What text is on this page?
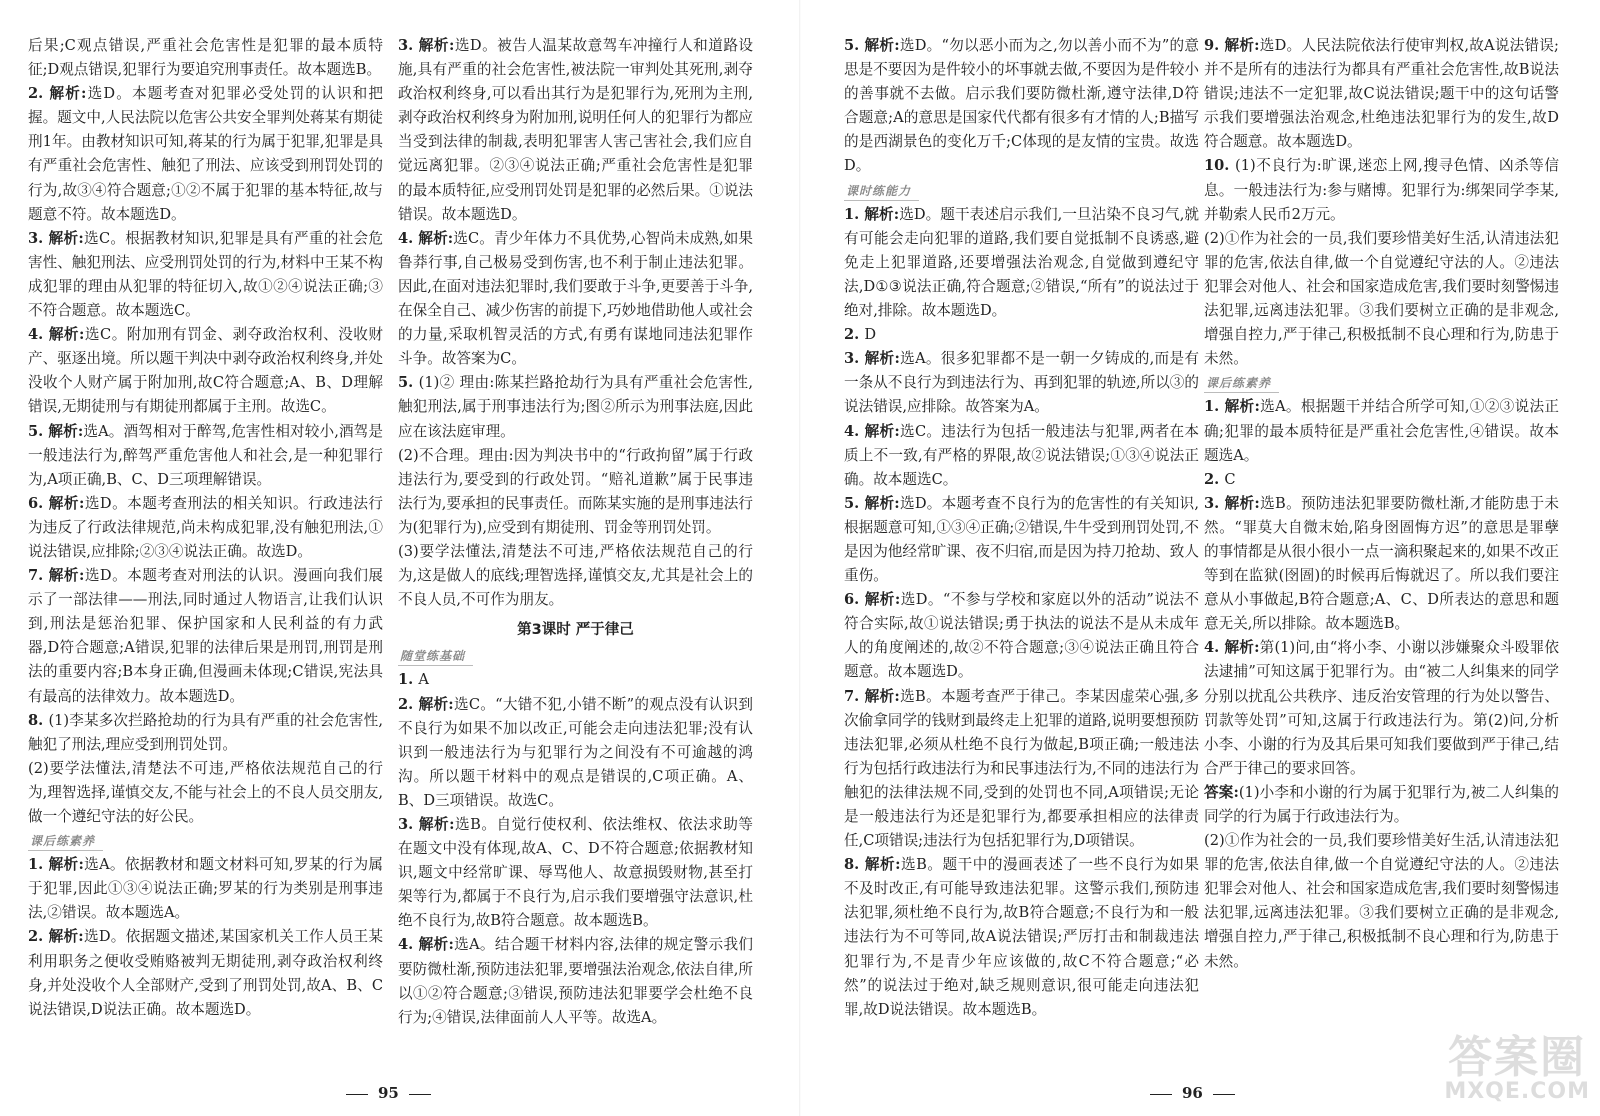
后果;C观点错误,严重社会危害性是犯罪的最本质特征;D观点错误,犯罪行为要追究刑事责任。故本题选B。

2. 解析:选D。本题考查对犯罪必受处罚的认识和把握。题文中,人民法院以危害公共安全罪判处蒋某有期徒刑1年。由教材知识可知,蒋某的行为属于犯罪,犯罪是具有严重社会危害性、触犯了刑法、应该受到刑罚处罚的行为,故③④符合题意;①②不属于犯罪的基本特征,故与题意不符。故本题选D。

3. 解析:选C。根据教材知识,犯罪是具有严重的社会危害性、触犯刑法、应受刑罚处罚的行为,材料中王某不构成犯罪的理由从犯罪的特征切入,故①②④说法正确;③不符合题意。故本题选C。

4. 解析:选C。附加刑有罚金、剥夺政治权利、没收财产、驱逐出境。所以题干判决中剥夺政治权利终身,并处没收个人财产属于附加刑,故C符合题意;A、B、D理解错误,无期徒刑与有期徒刑都属于主刑。故选C。

5. 解析:选A。酒驾相对于醉驾,危害性相对较小,酒驾是一般违法行为,醉驾严重危害他人和社会,是一种犯罪行为,A项正确,B、C、D三项理解错误。

6. 解析:选D。本题考查刑法的相关知识。行政违法行为违反了行政法律规范,尚未构成犯罪,没有触犯刑法,①说法错误,应排除;②③④说法正确。故选D。

7. 解析:选D。本题考查对刑法的认识。漫画向我们展示了一部法律——刑法,同时通过人物语言,让我们认识到,刑法是惩治犯罪、保护国家和人民利益的有力武器,D符合题意;A错误,犯罪的法律后果是刑罚,刑罚是刑法的重要内容;B本身正确,但漫画未体现;C错误,宪法具有最高的法律效力。故本题选D。

8. (1)李某多次拦路抢劫的行为具有严重的社会危害性,触犯了刑法,理应受到刑罚处罚。

(2)要学法懂法,清楚法不可违,严格依法规范自己的行为,理智选择,谨慎交友,不能与社会上的不良人员交朋友,做一个遵纪守法的好公民。

课后练素养

1. 解析:选A。依据教材和题文材料可知,罗某的行为属于犯罪,因此①③④说法正确;罗某的行为类别是刑事违法,②错误。故本题选A。

2. 解析:选D。依据题文描述,某国家机关工作人员王某利用职务之便收受贿赂被判无期徒刑,剥夺政治权利终身,并处没收个人全部财产,受到了刑罚处罚,故A、B、C说法错误,D说法正确。故本题选D。

3. 解析:选D。被告人温某故意驾车冲撞行人和道路设施,具有严重的社会危害性,被法院一审判处其死刑,剥夺政治权利终身,可以看出其行为是犯罪行为,死刑为主刑,剥夺政治权利终身为附加刑,说明任何人的犯罪行为都应当受到法律的制裁,表明犯罪害人害己害社会,我们应自觉远离犯罪。②③④说法正确;严重社会危害性是犯罪的最本质特征,应受刑罚处罚是犯罪的必然后果。①说法错误。故本题选D。

4. 解析:选C。青少年体力不具优势,心智尚未成熟,如果鲁莽行事,自己极易受到伤害,也不利于制止违法犯罪。因此,在面对违法犯罪时,我们要敢于斗争,更要善于斗争,在保全自己、减少伤害的前提下,巧妙地借助他人或社会的力量,采取机智灵活的方式,有勇有谋地同违法犯罪作斗争。故答案为C。

5. (1)② 理由:陈某拦路抢劫行为具有严重社会危害性,触犯刑法,属于刑事违法行为;图②所示为刑事法庭,因此应在该法庭审理。

(2)不合理。理由:因为判决书中的“行政拘留”属于行政违法行为,要受到的行政处罚。“赔礼道歉”属于民事违法行为,要承担的民事责任。而陈某实施的是刑事违法行为(犯罪行为),应受到有期徒刑、罚金等刑罚处罚。

(3)要学法懂法,清楚法不可违,严格依法规范自己的行为,这是做人的底线;理智选择,谨慎交友,尤其是社会上的不良人员,不可作为朋友。

第3课时 严于律己
随堂练基础

1. A

2. 解析:选C。“大错不犯,小错不断”的观点没有认识到不良行为如果不加以改正,可能会走向违法犯罪;没有认识到一般违法行为与犯罪行为之间没有不可逾越的鸿沟。所以题干材料中的观点是错误的,C项正确。A、B、D三项错误。故选C。

3. 解析:选B。自觉行使权利、依法维权、依法求助等在题文中没有体现,故A、C、D不符合题意;依据教材知识,题文中经常旷课、辱骂他人、故意损毁财物,甚至打架等行为,都属于不良行为,启示我们要增强守法意识,杜绝不良行为,故B符合题意。故本题选B。

4. 解析:选A。结合题干材料内容,法律的规定警示我们要防微杜渐,预防违法犯罪,要增强法治观念,依法自律,所以①②符合题意;③错误,预防违法犯罪要学会杜绝不良行为;④错误,法律面前人人平等。故选A。

95

5. 解析:选D。“勿以恶小而为之,勿以善小而不为”的意思是不要因为是件较小的坏事就去做,不要因为是件较小的善事就不去做。启示我们要防微杜渐,遵守法律,D符合题意;A的意思是国家代代都有很多有才情的人;B描写的是西湖景色的变化万千;C体现的是友情的宝贵。故选D。

课时练能力

1. 解析:选D。题干表述启示我们,一旦沾染不良习气,就有可能会走向犯罪的道路,我们要自觉抵制不良诱惑,避免走上犯罪道路,还要增强法治观念,自觉做到遵纪守法,D①③说法正确,符合题意;②错误,“所有”的说法过于绝对,排除。故本题选D。

2. D

3. 解析:选A。很多犯罪都不是一朝一夕铸成的,而是有一条从不良行为到违法行为、再到犯罪的轨迹,所以③的说法错误,应排除。故答案为A。

4. 解析:选C。违法行为包括一般违法与犯罪,两者在本质上不一致,有严格的界限,故②说法错误;①③④说法正确。故本题选C。

5. 解析:选D。本题考查不良行为的危害性的有关知识,根据题意可知,①③④正确;②错误,牛牛受到刑罚处罚,不是因为他经常旷课、夜不归宿,而是因为持刀抢劫、致人重伤。

6. 解析:选D。“不参与学校和家庭以外的活动”说法不符合实际,故①说法错误;勇于执法的说法不是从未成年人的角度阐述的,故②不符合题意;③④说法正确且符合题意。故本题选D。

7. 解析:选B。本题考查严于律己。李某因虚荣心强,多次偷拿同学的钱财到最终走上犯罪的道路,说明要想预防违法犯罪,必须从杜绝不良行为做起,B项正确;一般违法行为包括行政违法行为和民事违法行为,不同的违法行为触犯的法律法规不同,受到的处罚也不同,A项错误;无论是一般违法行为还是犯罪行为,都要承担相应的法律责任,C项错误;违法行为包括犯罪行为,D项错误。

8. 解析:选B。题干中的漫画表述了一些不良行为如果不及时改正,有可能导致违法犯罪。这警示我们,预防违法犯罪,须杜绝不良行为,故B符合题意;不良行为和一般违法行为不可等同,故A说法错误;严厉打击和制裁违法犯罪行为,不是青少年应该做的,故C不符合题意;“必然”的说法过于绝对,缺乏规则意识,很可能走向违法犯罪,故D说法错误。故本题选B。

9. 解析:选D。人民法院依法行使审判权,故A说法错误;并不是所有的违法行为都具有严重社会危害性,故B说法错误;违法不一定犯罪,故C说法错误;题干中的这句话警示我们要增强法治观念,杜绝违法犯罪行为的发生,故D符合题意。故本题选D。

10. (1)不良行为:旷课,迷恋上网,搜寻色情、凶杀等信息。一般违法行为:参与赌博。犯罪行为:绑架同学李某,并勒索人民币2万元。

(2)①作为社会的一员,我们要珍惜美好生活,认清违法犯罪的危害,依法自律,做一个自觉遵纪守法的人。②违法犯罪会对他人、社会和国家造成危害,我们要时刻警惕违法犯罪,远离违法犯罪。③我们要树立正确的是非观念,增强自控力,严于律己,积极抵制不良心理和行为,防患于未然。

课后练素养

1. 解析:选A。根据题干并结合所学可知,①②③说法正确;犯罪的最本质特征是严重社会危害性,④错误。故本题选A。

2. C

3. 解析:选B。预防违法犯罪要防微杜渐,才能防患于未然。“罪莫大自微末始,陷身囹圄悔方迟”的意思是罪孽的事情都是从很小很小一点一滴积聚起来的,如果不改正等到在监狱(囹圄)的时候再后悔就迟了。所以我们要注意从小事做起,B符合题意;A、C、D所表达的意思和题意无关,所以排除。故本题选B。

4. 解析:第(1)问,由“将小李、小谢以涉嫌聚众斗殴罪依法逮捕”可知这属于犯罪行为。由“被二人纠集来的同学分别以扰乱公共秩序、违反治安管理的行为处以警告、罚款等处罚”可知,这属于行政违法行为。第(2)问,分析小李、小谢的行为及其后果可知我们要做到严于律己,结合严于律己的要求回答。

答案:(1)小李和小谢的行为属于犯罪行为,被二人纠集的同学的行为属于行政违法行为。

(2)①作为社会的一员,我们要珍惜美好生活,认清违法犯罪的危害,依法自律,做一个自觉遵纪守法的人。②违法犯罪会对他人、社会和国家造成危害,我们要时刻警惕违法犯罪,远离违法犯罪。③我们要树立正确的是非观念,增强自控力,严于律己,积极抵制不良心理和行为,防患于未然。

96
答案圈
MXQE.COM
